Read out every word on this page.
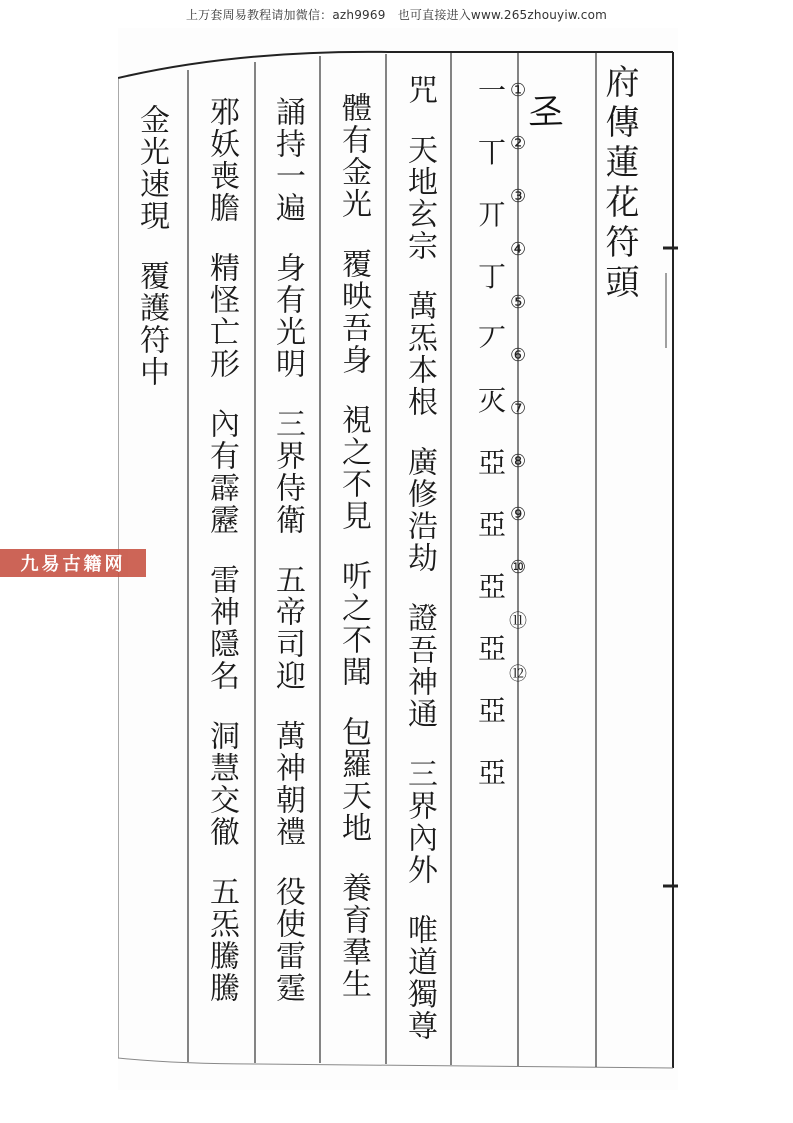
上万套周易教程请加微信：azh9969　也可直接进入www.265zhouyiw.com
府傳蓮花符頭
𢀖
一
丅
丌
丁
丆
灭
亞
亞
亞
亞
亞
亞
①
②
③
④
⑤
⑥
⑦
⑧
⑨
⑩
⑪
⑫
咒天地玄宗萬炁本根廣修浩劫證吾神通三界內外唯道獨尊
體有金光覆映吾身視之不見听之不聞包羅天地養育羣生
誦持一遍身有光明三界侍衛五帝司迎萬神朝禮役使雷霆
邪妖喪膽精怪亡形內有霹靂雷神隱名洞慧交徹五炁騰騰
金光速現覆護符中
九易古籍网
